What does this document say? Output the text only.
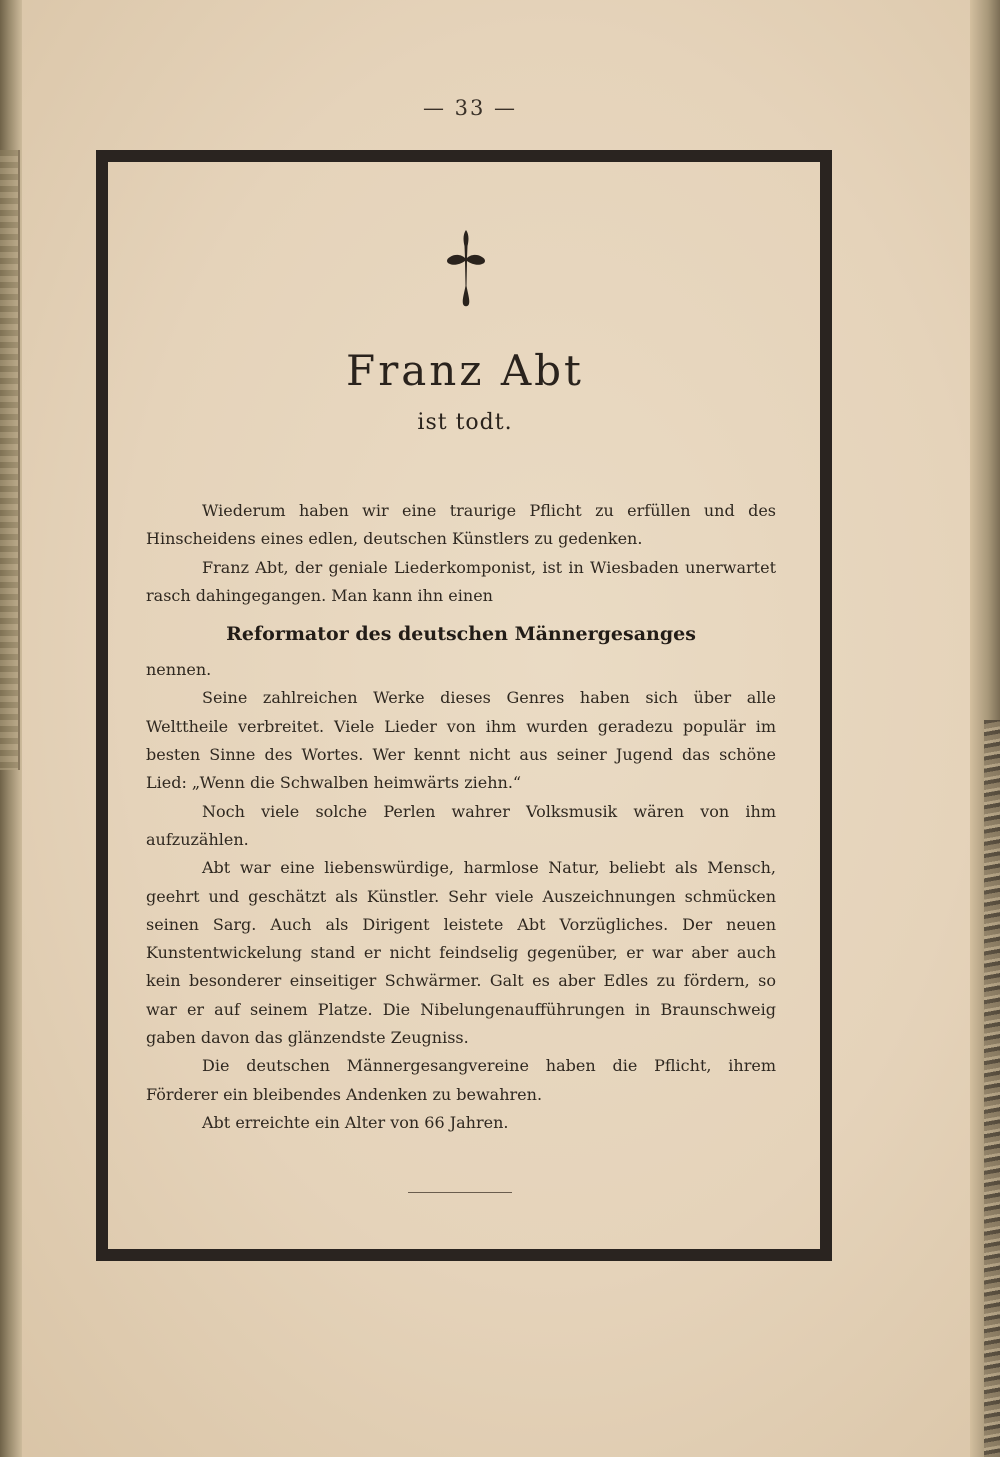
— 33 —
Franz Abt
ist todt.

Wiederum haben wir eine traurige Pflicht zu erfüllen und des Hinscheidens eines edlen, deutschen Künstlers zu gedenken.

Franz Abt, der geniale Liederkomponist, ist in Wiesbaden unerwartet rasch dahingegangen. Man kann ihn einen

Reformator des deutschen Männergesanges

nennen.

Seine zahlreichen Werke dieses Genres haben sich über alle Welttheile verbreitet. Viele Lieder von ihm wurden geradezu populär im besten Sinne des Wortes. Wer kennt nicht aus seiner Jugend das schöne Lied: „Wenn die Schwalben heimwärts ziehn.“

Noch viele solche Perlen wahrer Volksmusik wären von ihm aufzuzählen.

Abt war eine liebenswürdige, harmlose Natur, beliebt als Mensch, geehrt und geschätzt als Künstler. Sehr viele Auszeichnungen schmücken seinen Sarg. Auch als Dirigent leistete Abt Vorzügliches. Der neuen Kunstentwickelung stand er nicht feindselig gegenüber, er war aber auch kein besonderer einseitiger Schwärmer. Galt es aber Edles zu fördern, so war er auf seinem Platze. Die Nibelungenaufführungen in Braunschweig gaben davon das glänzendste Zeugniss.

Die deutschen Männergesangvereine haben die Pflicht, ihrem Förderer ein bleibendes Andenken zu bewahren.

Abt erreichte ein Alter von 66 Jahren.
